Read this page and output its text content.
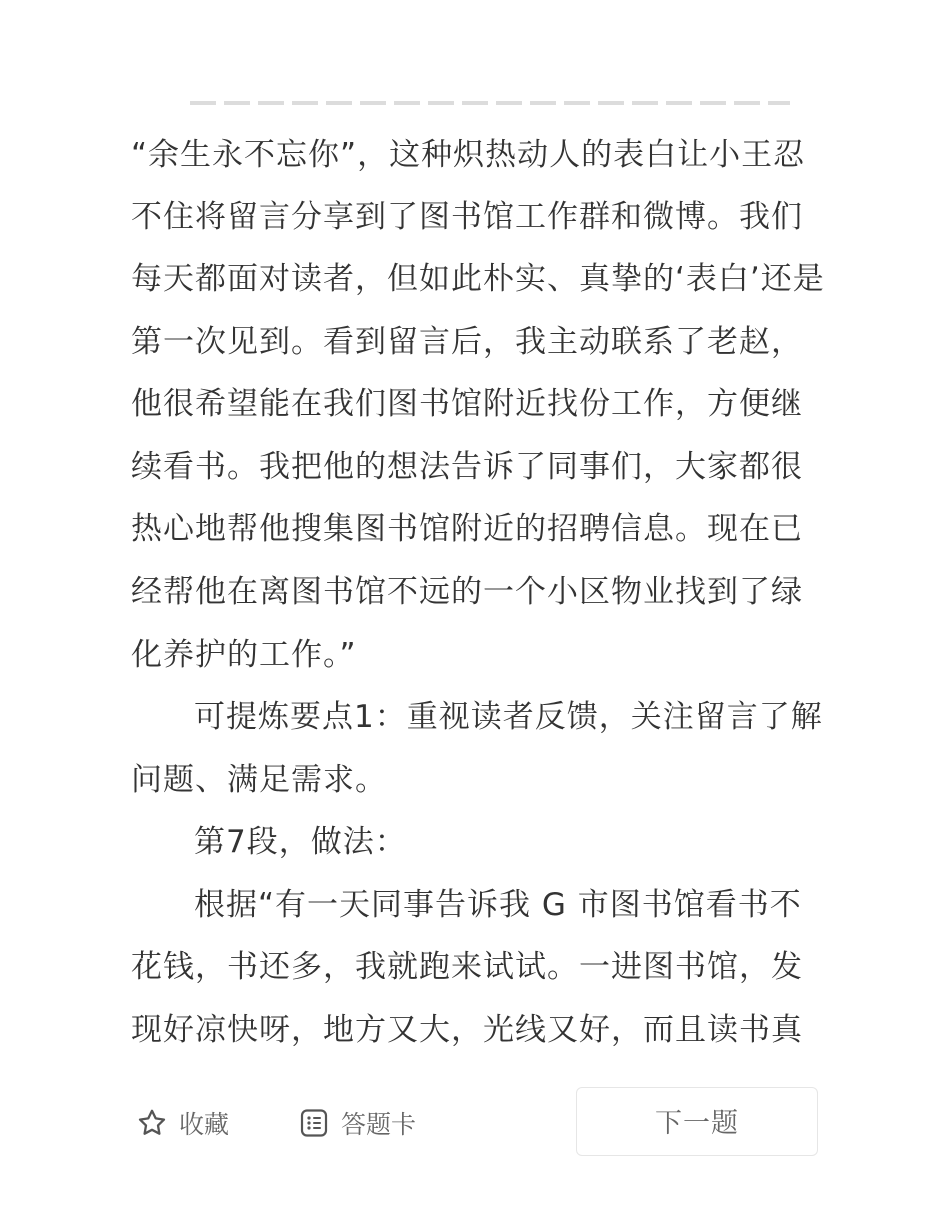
“余生永不忘你”，这种炽热动人的表白让小王忍
不住将留言分享到了图书馆工作群和微博。我们
每天都面对读者，但如此朴实、真挚的‘表白’还是
第一次见到。看到留言后，我主动联系了老赵，
他很希望能在我们图书馆附近找份工作，方便继
续看书。我把他的想法告诉了同事们，大家都很
热心地帮他搜集图书馆附近的招聘信息。现在已
经帮他在离图书馆不远的一个小区物业找到了绿
化养护的工作。”
可提炼要点1：重视读者反馈，关注留言了解
问题、满足需求。
第7段，做法：
根据“有一天同事告诉我 G 市图书馆看书不
花钱，书还多，我就跑来试试。一进图书馆，发
现好凉快呀，地方又大，光线又好，而且读书真
收藏	答题卡	下一题
